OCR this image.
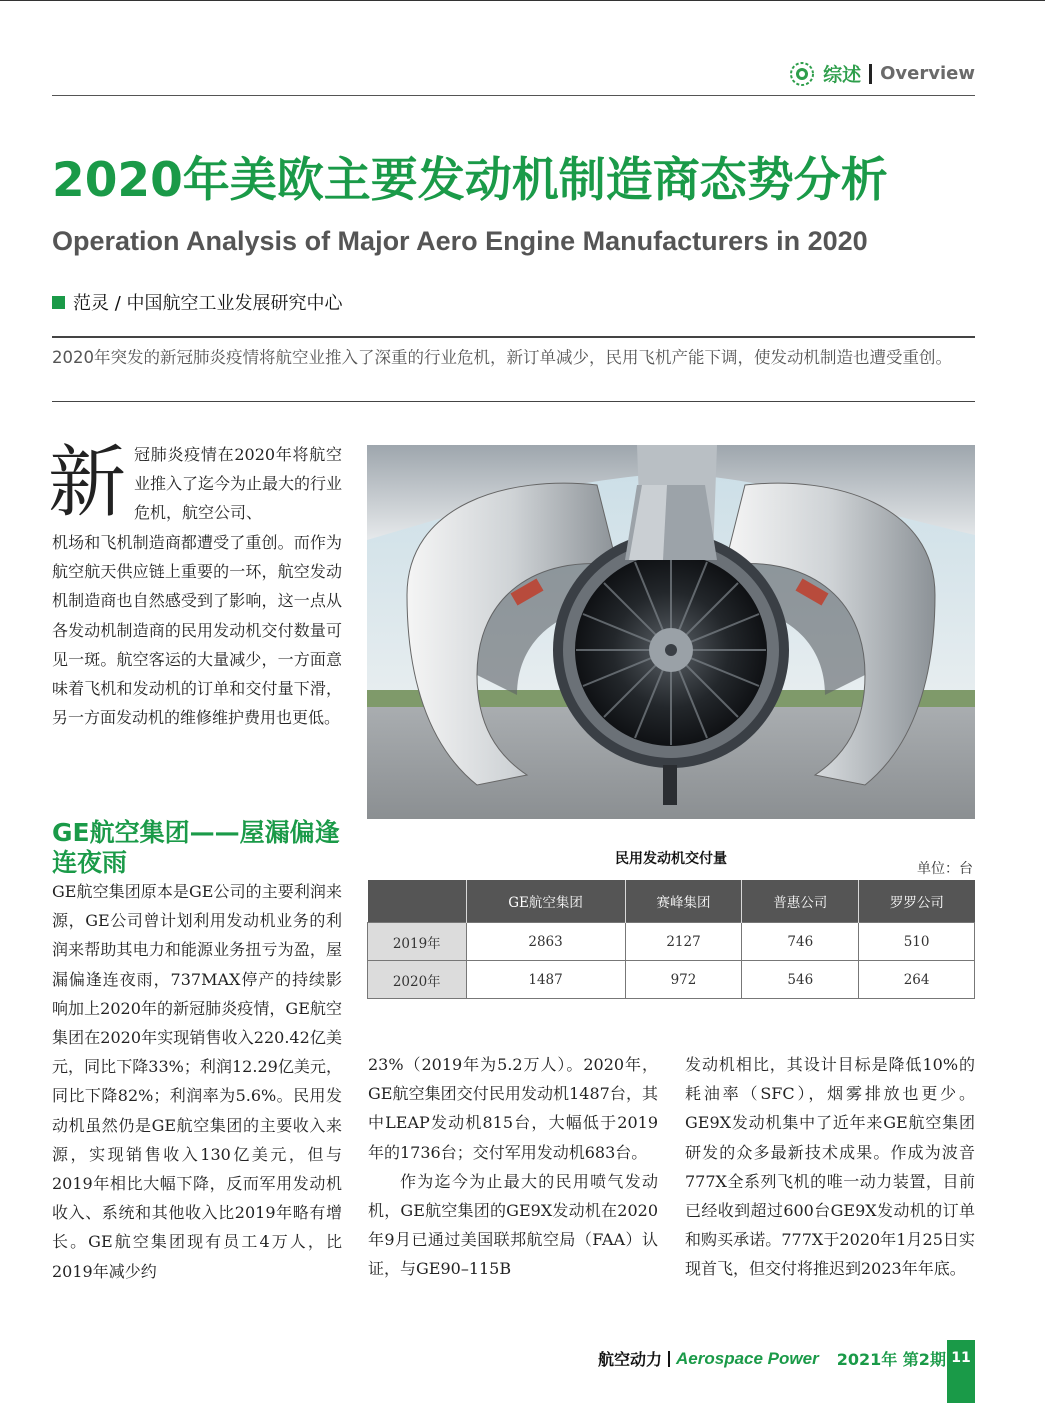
综述 Overview
2020年美欧主要发动机制造商态势分析
Operation Analysis of Major Aero Engine Manufacturers in 2020
范灵 / 中国航空工业发展研究中心
2020年突发的新冠肺炎疫情将航空业推入了深重的行业危机，新订单减少，民用飞机产能下调，使发动机制造也遭受重创。
新 冠肺炎疫情在2020年将航空业推入了迄今为止最大的行业危机，航空公司、
机场和飞机制造商都遭受了重创。而作为航空航天供应链上重要的一环，航空发动机制造商也自然感受到了影响，这一点从各发动机制造商的民用发动机交付数量可见一斑。航空客运的大量减少，一方面意味着飞机和发动机的订单和交付量下滑，另一方面发动机的维修维护费用也更低。
GE航空集团——屋漏偏逢连夜雨

GE航空集团原本是GE公司的主要利润来源，GE公司曾计划利用发动机业务的利润来帮助其电力和能源业务扭亏为盈，屋漏偏逢连夜雨，737MAX停产的持续影响加上2020年的新冠肺炎疫情，GE航空集团在2020年实现销售收入220.42亿美元，同比下降33%；利润12.29亿美元，同比下降82%；利润率为5.6%。民用发动机虽然仍是GE航空集团的主要收入来源，实现销售收入130亿美元，但与2019年相比大幅下降，反而军用发动机收入、系统和其他收入比2019年略有增长。GE航空集团现有员工4万人，比2019年减少约

民用发动机交付量
单位：台
	GE航空集团	赛峰集团	普惠公司	罗罗公司
2019年	2863	2127	746	510
2020年	1487	972	546	264

23%（2019年为5.2万人）。2020年，GE航空集团交付民用发动机1487台，其中LEAP发动机815台，大幅低于2019年的1736台；交付军用发动机683台。

作为迄今为止最大的民用喷气发动机，GE航空集团的GE9X发动机在2020年9月已通过美国联邦航空局（FAA）认证，与GE90–115B

发动机相比，其设计目标是降低10%的耗油率（SFC），烟雾排放也更少。GE9X发动机集中了近年来GE航空集团研发的众多最新技术成果。作成为波音777X全系列飞机的唯一动力装置，目前已经收到超过600台GE9X发动机的订单和购买承诺。777X于2020年1月25日实现首飞，但交付将推迟到2023年年底。

航空动力 Aerospace Power 2021年 第2期 11
